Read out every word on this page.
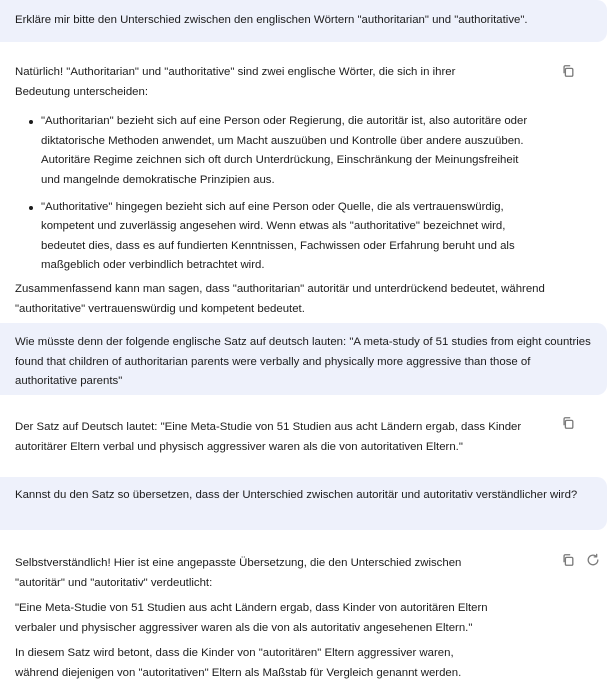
Erkläre mir bitte den Unterschied zwischen den englischen Wörtern "authoritarian" und "authoritative".

Natürlich! "Authoritarian" und "authoritative" sind zwei englische Wörter, die sich in ihrer Bedeutung unterscheiden:

"Authoritarian" bezieht sich auf eine Person oder Regierung, die autoritär ist, also autoritäre oder diktatorische Methoden anwendet, um Macht auszuüben und Kontrolle über andere auszuüben. Autoritäre Regime zeichnen sich oft durch Unterdrückung, Einschränkung der Meinungsfreiheit und mangelnde demokratische Prinzipien aus.
"Authoritative" hingegen bezieht sich auf eine Person oder Quelle, die als vertrauenswürdig, kompetent und zuverlässig angesehen wird. Wenn etwas als "authoritative" bezeichnet wird, bedeutet dies, dass es auf fundierten Kenntnissen, Fachwissen oder Erfahrung beruht und als maßgeblich oder verbindlich betrachtet wird.

Zusammenfassend kann man sagen, dass "authoritarian" autoritär und unterdrückend bedeutet, während "authoritative" vertrauenswürdig und kompetent bedeutet.

Wie müsste denn der folgende englische Satz auf deutsch lauten: "A meta-study of 51 studies from eight countries found that children of authoritarian parents were verbally and physically more aggressive than those of authoritative parents"

Der Satz auf Deutsch lautet: "Eine Meta-Studie von 51 Studien aus acht Ländern ergab, dass Kinder autoritärer Eltern verbal und physisch aggressiver waren als die von autoritativen Eltern."

Kannst du den Satz so übersetzen, dass der Unterschied zwischen autoritär und autoritativ verständlicher wird?

Selbstverständlich! Hier ist eine angepasste Übersetzung, die den Unterschied zwischen "autoritär" und "autoritativ" verdeutlicht:

"Eine Meta-Studie von 51 Studien aus acht Ländern ergab, dass Kinder von autoritären Eltern verbaler und physischer aggressiver waren als die von als autoritativ angesehenen Eltern."

In diesem Satz wird betont, dass die Kinder von "autoritären" Eltern aggressiver waren, während diejenigen von "autoritativen" Eltern als Maßstab für Vergleich genannt werden.
